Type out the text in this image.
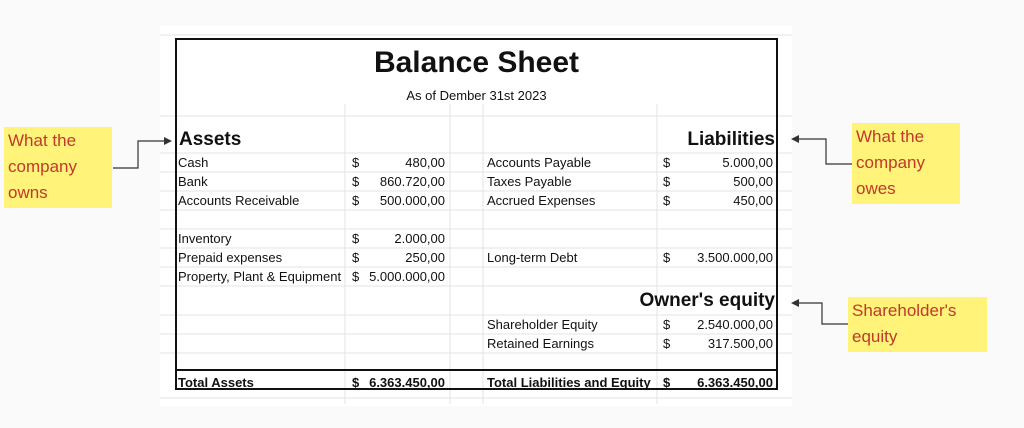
Balance Sheet
As of Dember 31st 2023
Assets
Cash	$	480,00
Bank	$	860.720,00
Accounts Receivable	$	500.000,00
Inventory	$	2.000,00
Prepaid expenses	$	250,00
Property, Plant & Equipment $ 5.000.000,00
Total Assets	$ 6.363.450,00
Liabilities
Accounts Payable	$	5.000,00
Taxes Payable	$	500,00
Accrued Expenses	$	450,00
Long-term Debt	$	3.500.000,00
Owner's equity
Shareholder Equity	$	2.540.000,00
Retained Earnings	$	317.500,00
Total Liabilities and Equity $	6.363.450,00
What the
company
owns
What the
company
owes
Shareholder's
equity
